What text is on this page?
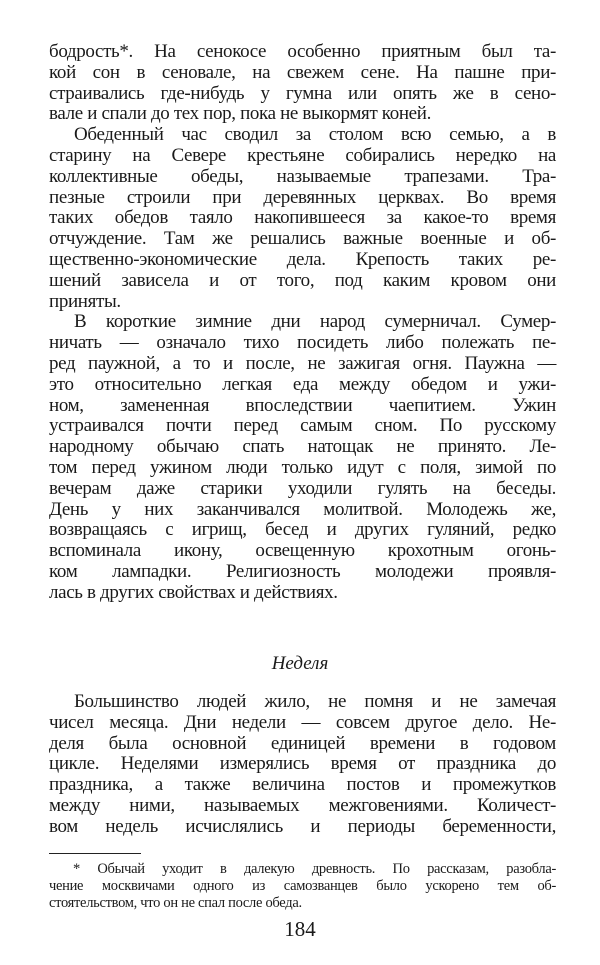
бодрость*. На сенокосе особенно приятным был та-
кой сон в сеновале, на свежем сене. На пашне при-
страивались где-нибудь у гумна или опять же в сено-
вале и спали до тех пор, пока не выкормят коней.
Обеденный час сводил за столом всю семью, а в
старину на Севере крестьяне собирались нередко на
коллективные обеды, называемые трапезами. Тра-
пезные строили при деревянных церквах. Во время
таких обедов таяло накопившееся за какое-то время
отчуждение. Там же решались важные военные и об-
щественно-экономические дела. Крепость таких ре-
шений зависела и от того, под каким кровом они
приняты.
В короткие зимние дни народ сумерничал. Сумер-
ничать — означало тихо посидеть либо полежать пе-
ред паужной, а то и после, не зажигая огня. Паужна —
это относительно легкая еда между обедом и ужи-
ном, замененная впоследствии чаепитием. Ужин
устраивался почти перед самым сном. По русскому
народному обычаю спать натощак не принято. Ле-
том перед ужином люди только идут с поля, зимой по
вечерам даже старики уходили гулять на беседы.
День у них заканчивался молитвой. Молодежь же,
возвращаясь с игрищ, бесед и других гуляний, редко
вспоминала икону, освещенную крохотным огонь-
ком лампадки. Религиозность молодежи проявля-
лась в других свойствах и действиях.
Неделя
Большинство людей жило, не помня и не замечая
чисел месяца. Дни недели — совсем другое дело. Не-
деля была основной единицей времени в годовом
цикле. Неделями измерялись время от праздника до
праздника, а также величина постов и промежутков
между ними, называемых межговениями. Количест-
вом недель исчислялись и периоды беременности,
* Обычай уходит в далекую древность. По рассказам, разобла-
чение москвичами одного из самозванцев было ускорено тем об-
стоятельством, что он не спал после обеда.
184
